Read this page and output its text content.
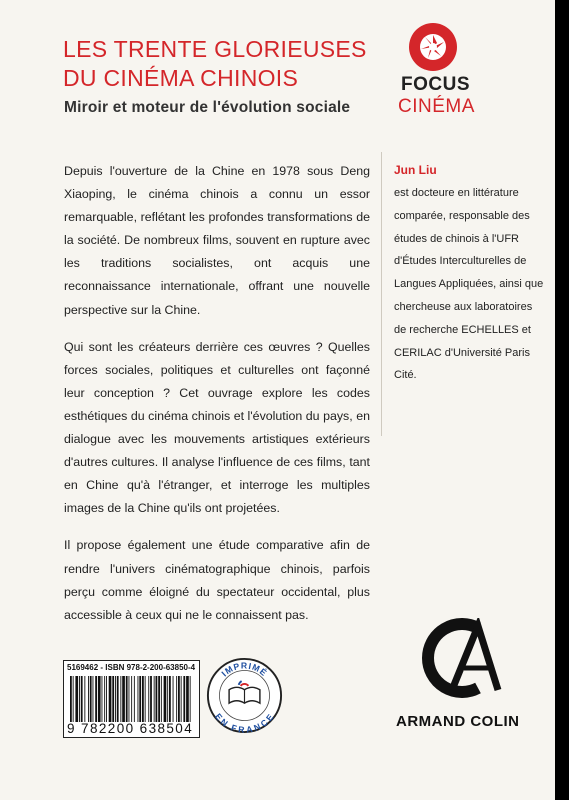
LES TRENTE GLORIEUSES
DU CINÉMA CHINOIS
Miroir et moteur de l'évolution sociale
FOCUS
CINÉMA

Depuis l'ouverture de la Chine en 1978 sous Deng Xiaoping, le cinéma chinois a connu un essor remarquable, reflétant les profondes transformations de la société. De nombreux films, souvent en rupture avec les traditions socialistes, ont acquis une reconnaissance internationale, offrant une nouvelle perspective sur la Chine.

Qui sont les créateurs derrière ces œuvres ? Quelles forces sociales, politiques et culturelles ont façonné leur conception ? Cet ouvrage explore les codes esthétiques du cinéma chinois et l'évolution du pays, en dialogue avec les mouvements artistiques extérieurs d'autres cultures. Il analyse l'influence de ces films, tant en Chine qu'à l'étranger, et interroge les multiples images de la Chine qu'ils ont projetées.

Il propose également une étude comparative afin de rendre l'univers cinématographique chinois, parfois perçu comme éloigné du spectateur occidental, plus accessible à ceux qui ne le connaissent pas.

Jun Liu
est docteure en littérature comparée, responsable des études de chinois à l'UFR d'Études Interculturelles de Langues Appliquées, ainsi que chercheuse aux laboratoires de recherche ECHELLES et CERILAC d'Université Paris Cité.
5169462 - ISBN 978-2-200-63850-4
9 782200 638504
IMPRIMÉ
EN FRANCE	ARMAND COLIN
